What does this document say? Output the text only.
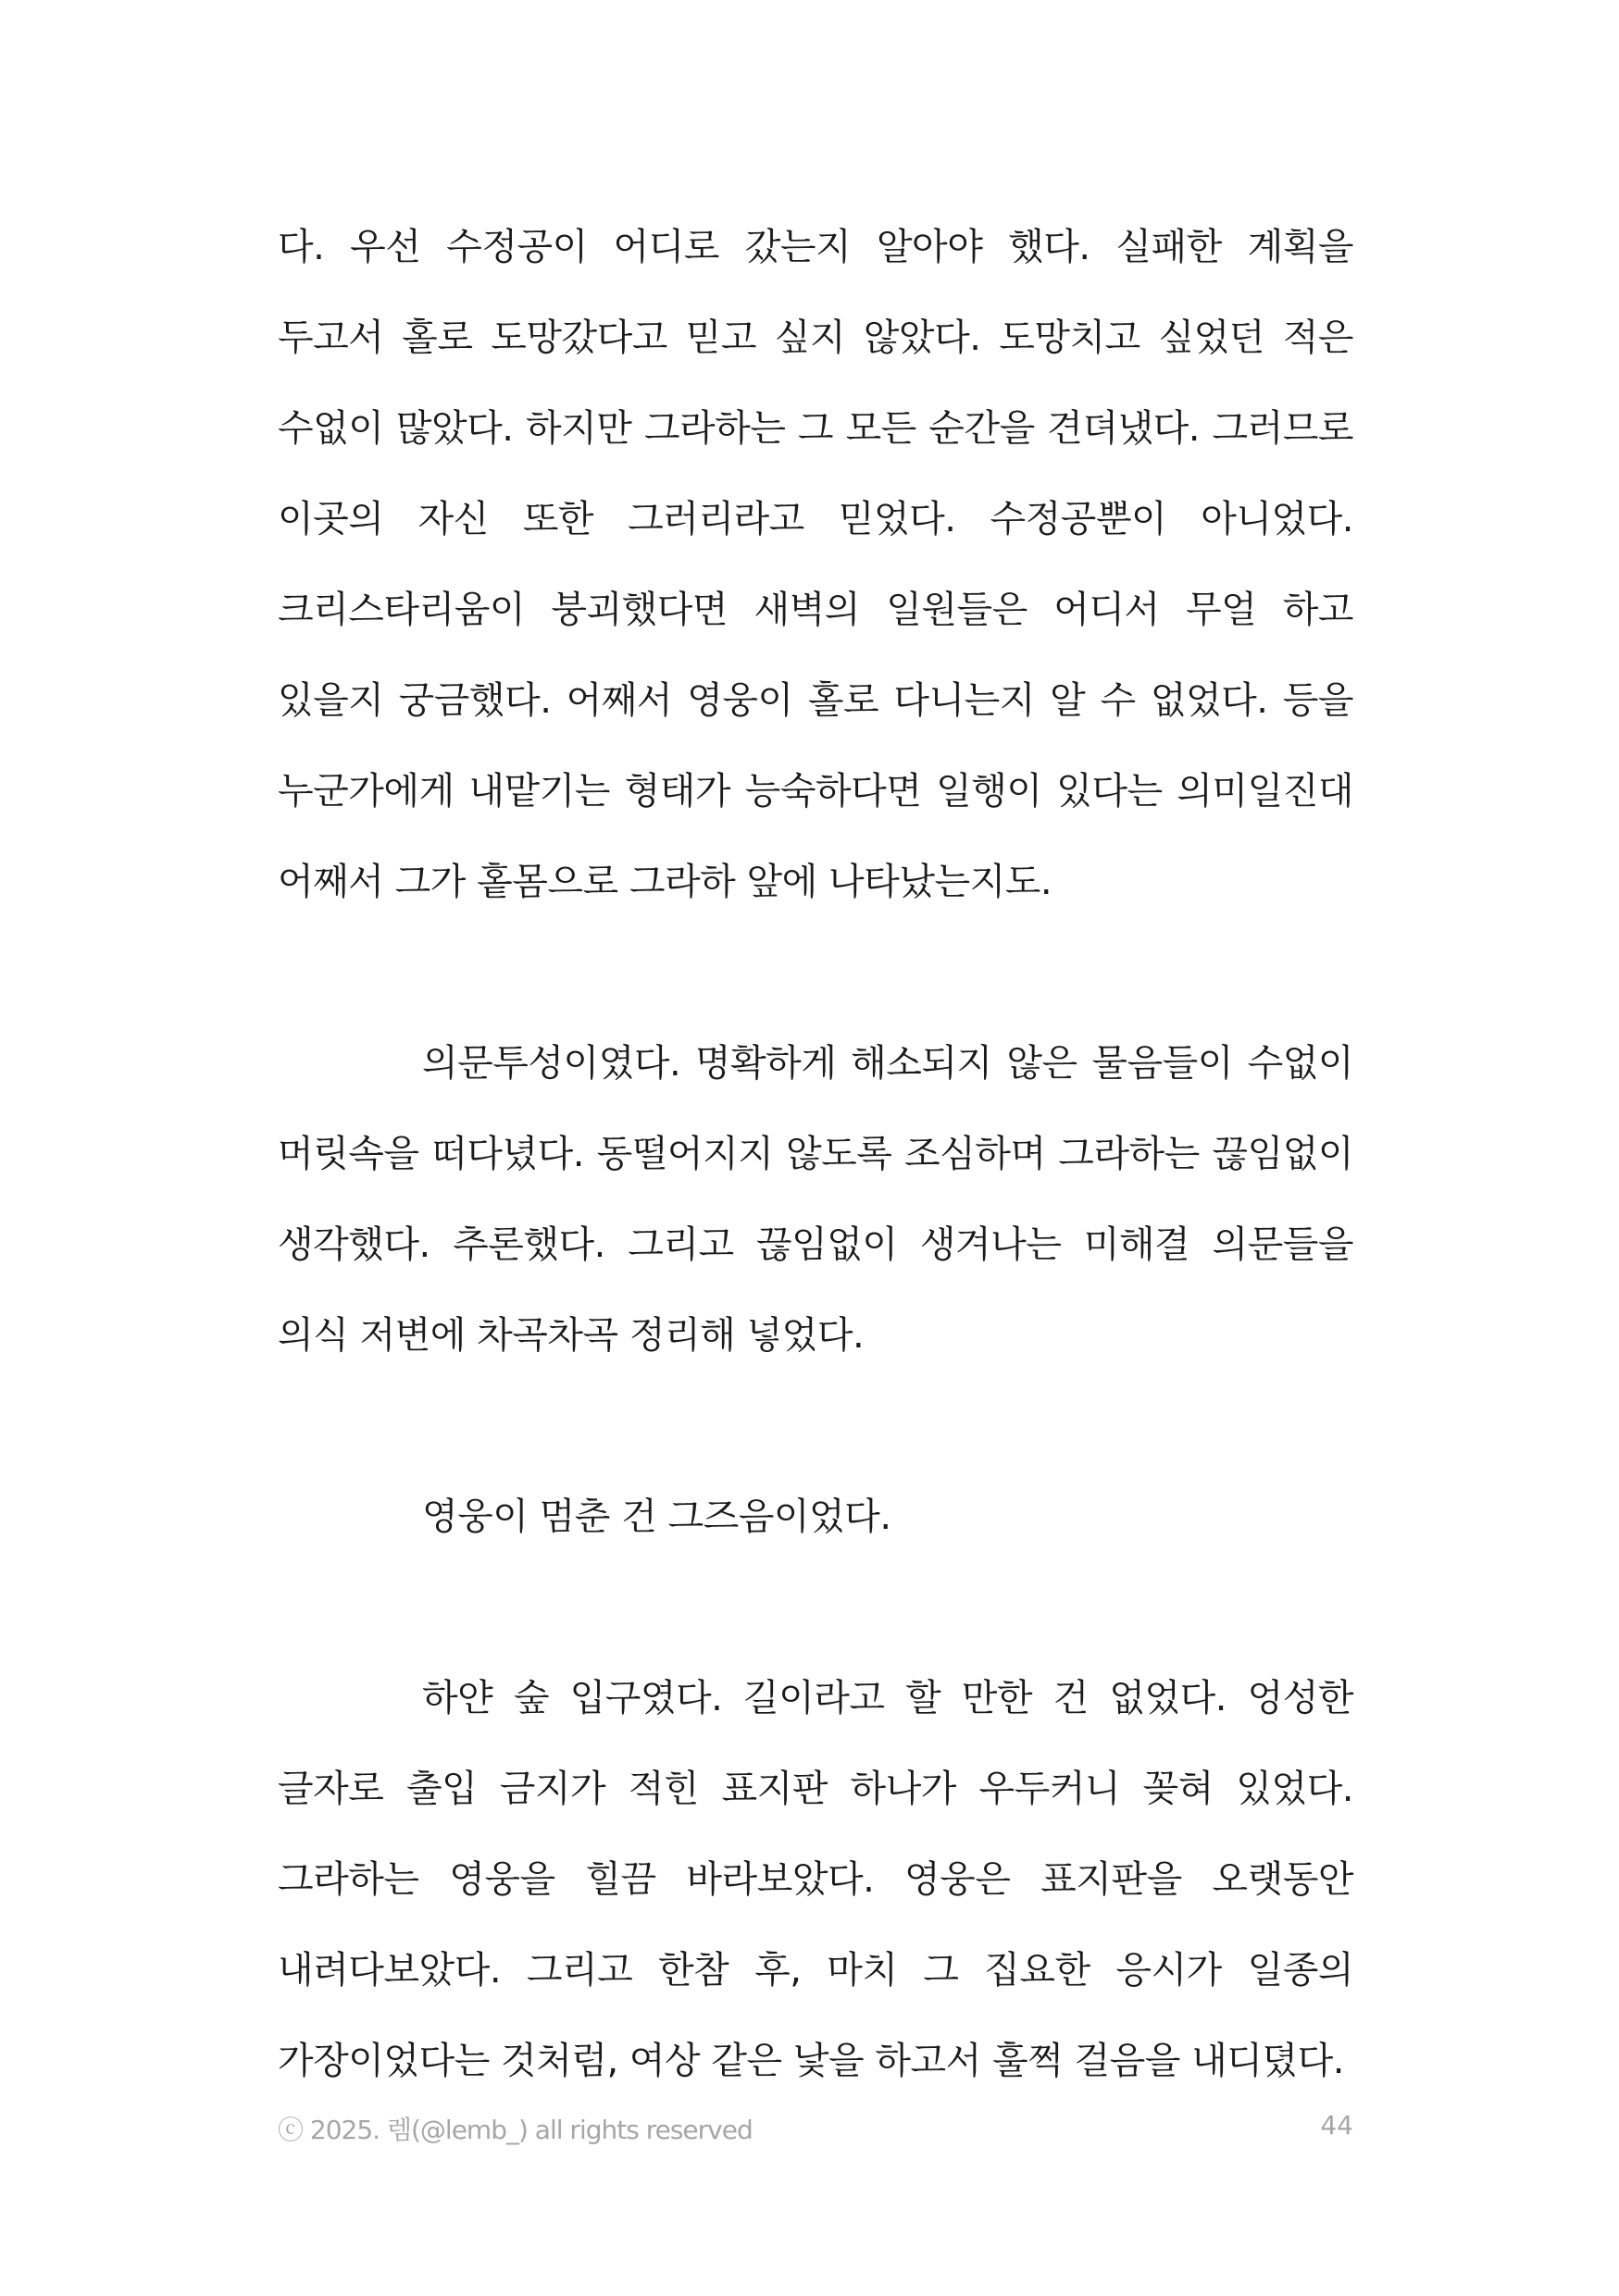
다. 우선 수정공이 어디로 갔는지 알아야 했다. 실패한 계획을 두고서 홀로 도망갔다고 믿고 싶지 않았다. 도망치고 싶었던 적은 수없이 많았다. 하지만 그라하는 그 모든 순간을 견뎌냈다. 그러므로 이곳의 자신 또한 그러리라고 믿었다. 수정공뿐이 아니었다. 크리스타리움이 붕괴했다면 새벽의 일원들은 어디서 무얼 하고 있을지 궁금했다. 어째서 영웅이 홀로 다니는지 알 수 없었다. 등을 누군가에게 내맡기는 형태가 능숙하다면 일행이 있다는 의미일진대 어째서 그가 홑몸으로 그라하 앞에 나타났는지도.

의문투성이였다. 명확하게 해소되지 않은 물음들이 수없이 머릿속을 떠다녔다. 동떨어지지 않도록 조심하며 그라하는 끊임없이 생각했다. 추론했다. 그리고 끊임없이 생겨나는 미해결 의문들을 의식 저변에 차곡차곡 정리해 넣었다.

영웅이 멈춘 건 그즈음이었다.

하얀 숲 입구였다. 길이라고 할 만한 건 없었다. 엉성한 글자로 출입 금지가 적힌 표지판 하나가 우두커니 꽂혀 있었다. 그라하는 영웅을 힐끔 바라보았다. 영웅은 표지판을 오랫동안 내려다보았다. 그리고 한참 후, 마치 그 집요한 응시가 일종의 가장이었다는 것처럼, 여상 같은 낯을 하고서 훌쩍 걸음을 내디뎠다.

ⓒ 2025. 렘(@lemb_) all rights reserved	44
